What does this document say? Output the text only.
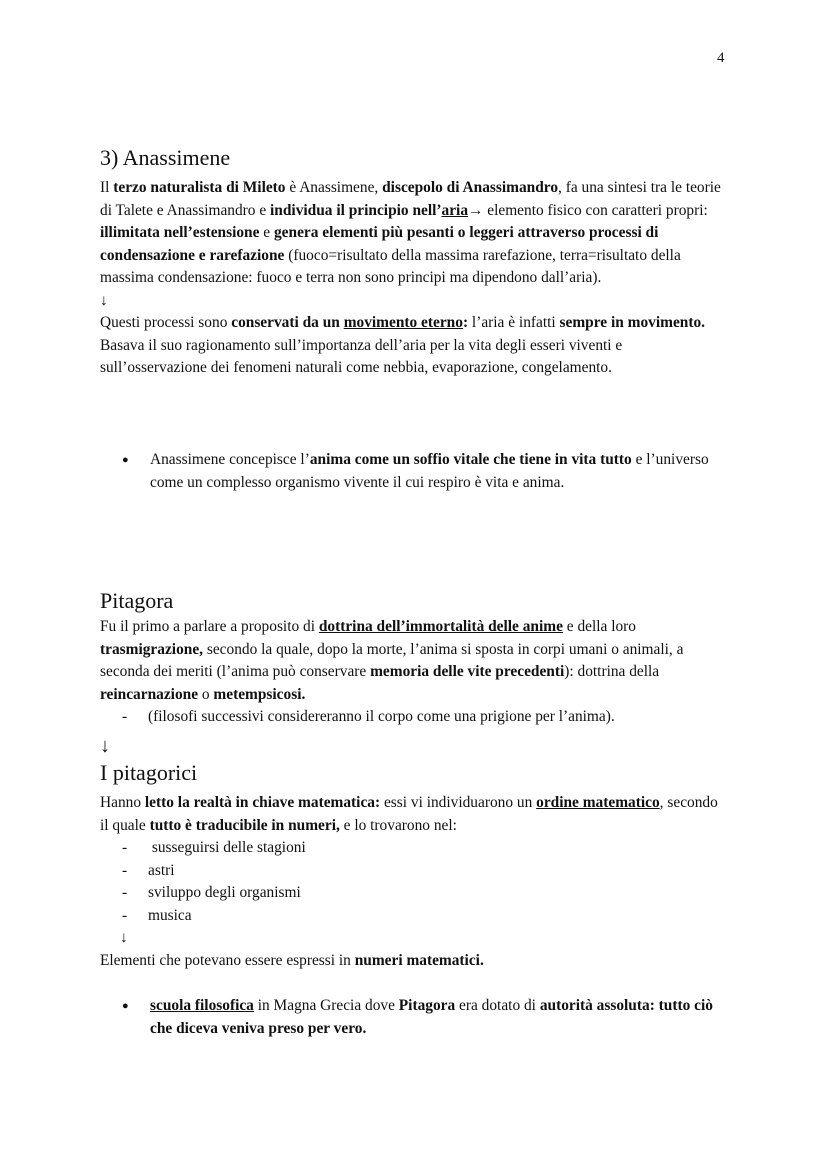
4
3) Anassimene

Il terzo naturalista di Mileto è Anassimene, discepolo di Anassimandro, fa una sintesi tra le teorie di Talete e Anassimandro e individua il principio nell’aria→ elemento fisico con caratteri propri: illimitata nell’estensione e genera elementi più pesanti o leggeri attraverso processi di condensazione e rarefazione (fuoco=risultato della massima rarefazione, terra=risultato della massima condensazione: fuoco e terra non sono principi ma dipendono dall’aria).

↓

Questi processi sono conservati da un movimento eterno: l’aria è infatti sempre in movimento.

Basava il suo ragionamento sull’importanza dell’aria per la vita degli esseri viventi e sull’osservazione dei fenomeni naturali come nebbia, evaporazione, congelamento.

●	Anassimene concepisce l’anima come un soffio vitale che tiene in vita tutto e l’universo come un complesso organismo vivente il cui respiro è vita e anima.
Pitagora

Fu il primo a parlare a proposito di dottrina dell’immortalità delle anime e della loro trasmigrazione, secondo la quale, dopo la morte, l’anima si sposta in corpi umani o animali, a seconda dei meriti (l’anima può conservare memoria delle vite precedenti): dottrina della reincarnazione o metempsicosi.

-	(filosofi successivi considereranno il corpo come una prigione per l’anima).
↓
I pitagorici

Hanno letto la realtà in chiave matematica: essi vi individuarono un ordine matematico, secondo il quale tutto è traducibile in numeri, e lo trovarono nel:

-	susseguirsi delle stagioni
-	astri
-	sviluppo degli organismi
-	musica
↓

Elementi che potevano essere espressi in numeri matematici.

●	scuola filosofica in Magna Grecia dove Pitagora era dotato di autorità assoluta: tutto ciò che diceva veniva preso per vero.
